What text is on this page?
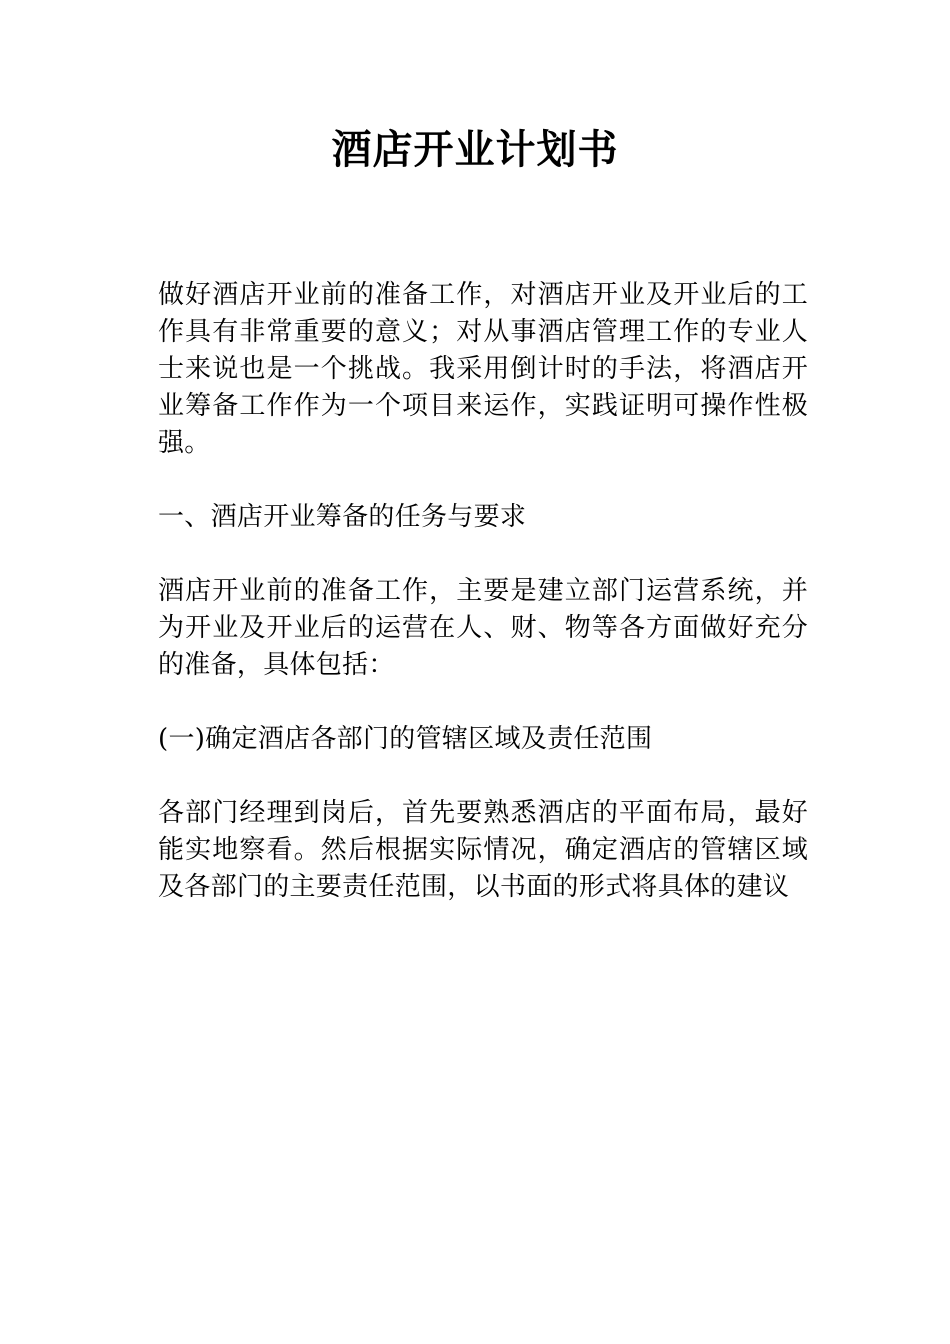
酒店开业计划书

做好酒店开业前的准备工作，对酒店开业及开业后的工作具有非常重要的意义；对从事酒店管理工作的专业人士来说也是一个挑战。我采用倒计时的手法，将酒店开业筹备工作作为一个项目来运作，实践证明可操作性极强。

一、酒店开业筹备的任务与要求

酒店开业前的准备工作，主要是建立部门运营系统，并为开业及开业后的运营在人、财、物等各方面做好充分的准备，具体包括：

(一)确定酒店各部门的管辖区域及责任范围

各部门经理到岗后，首先要熟悉酒店的平面布局，最好能实地察看。然后根据实际情况，确定酒店的管辖区域及各部门的主要责任范围，以书面的形式将具体的建议
